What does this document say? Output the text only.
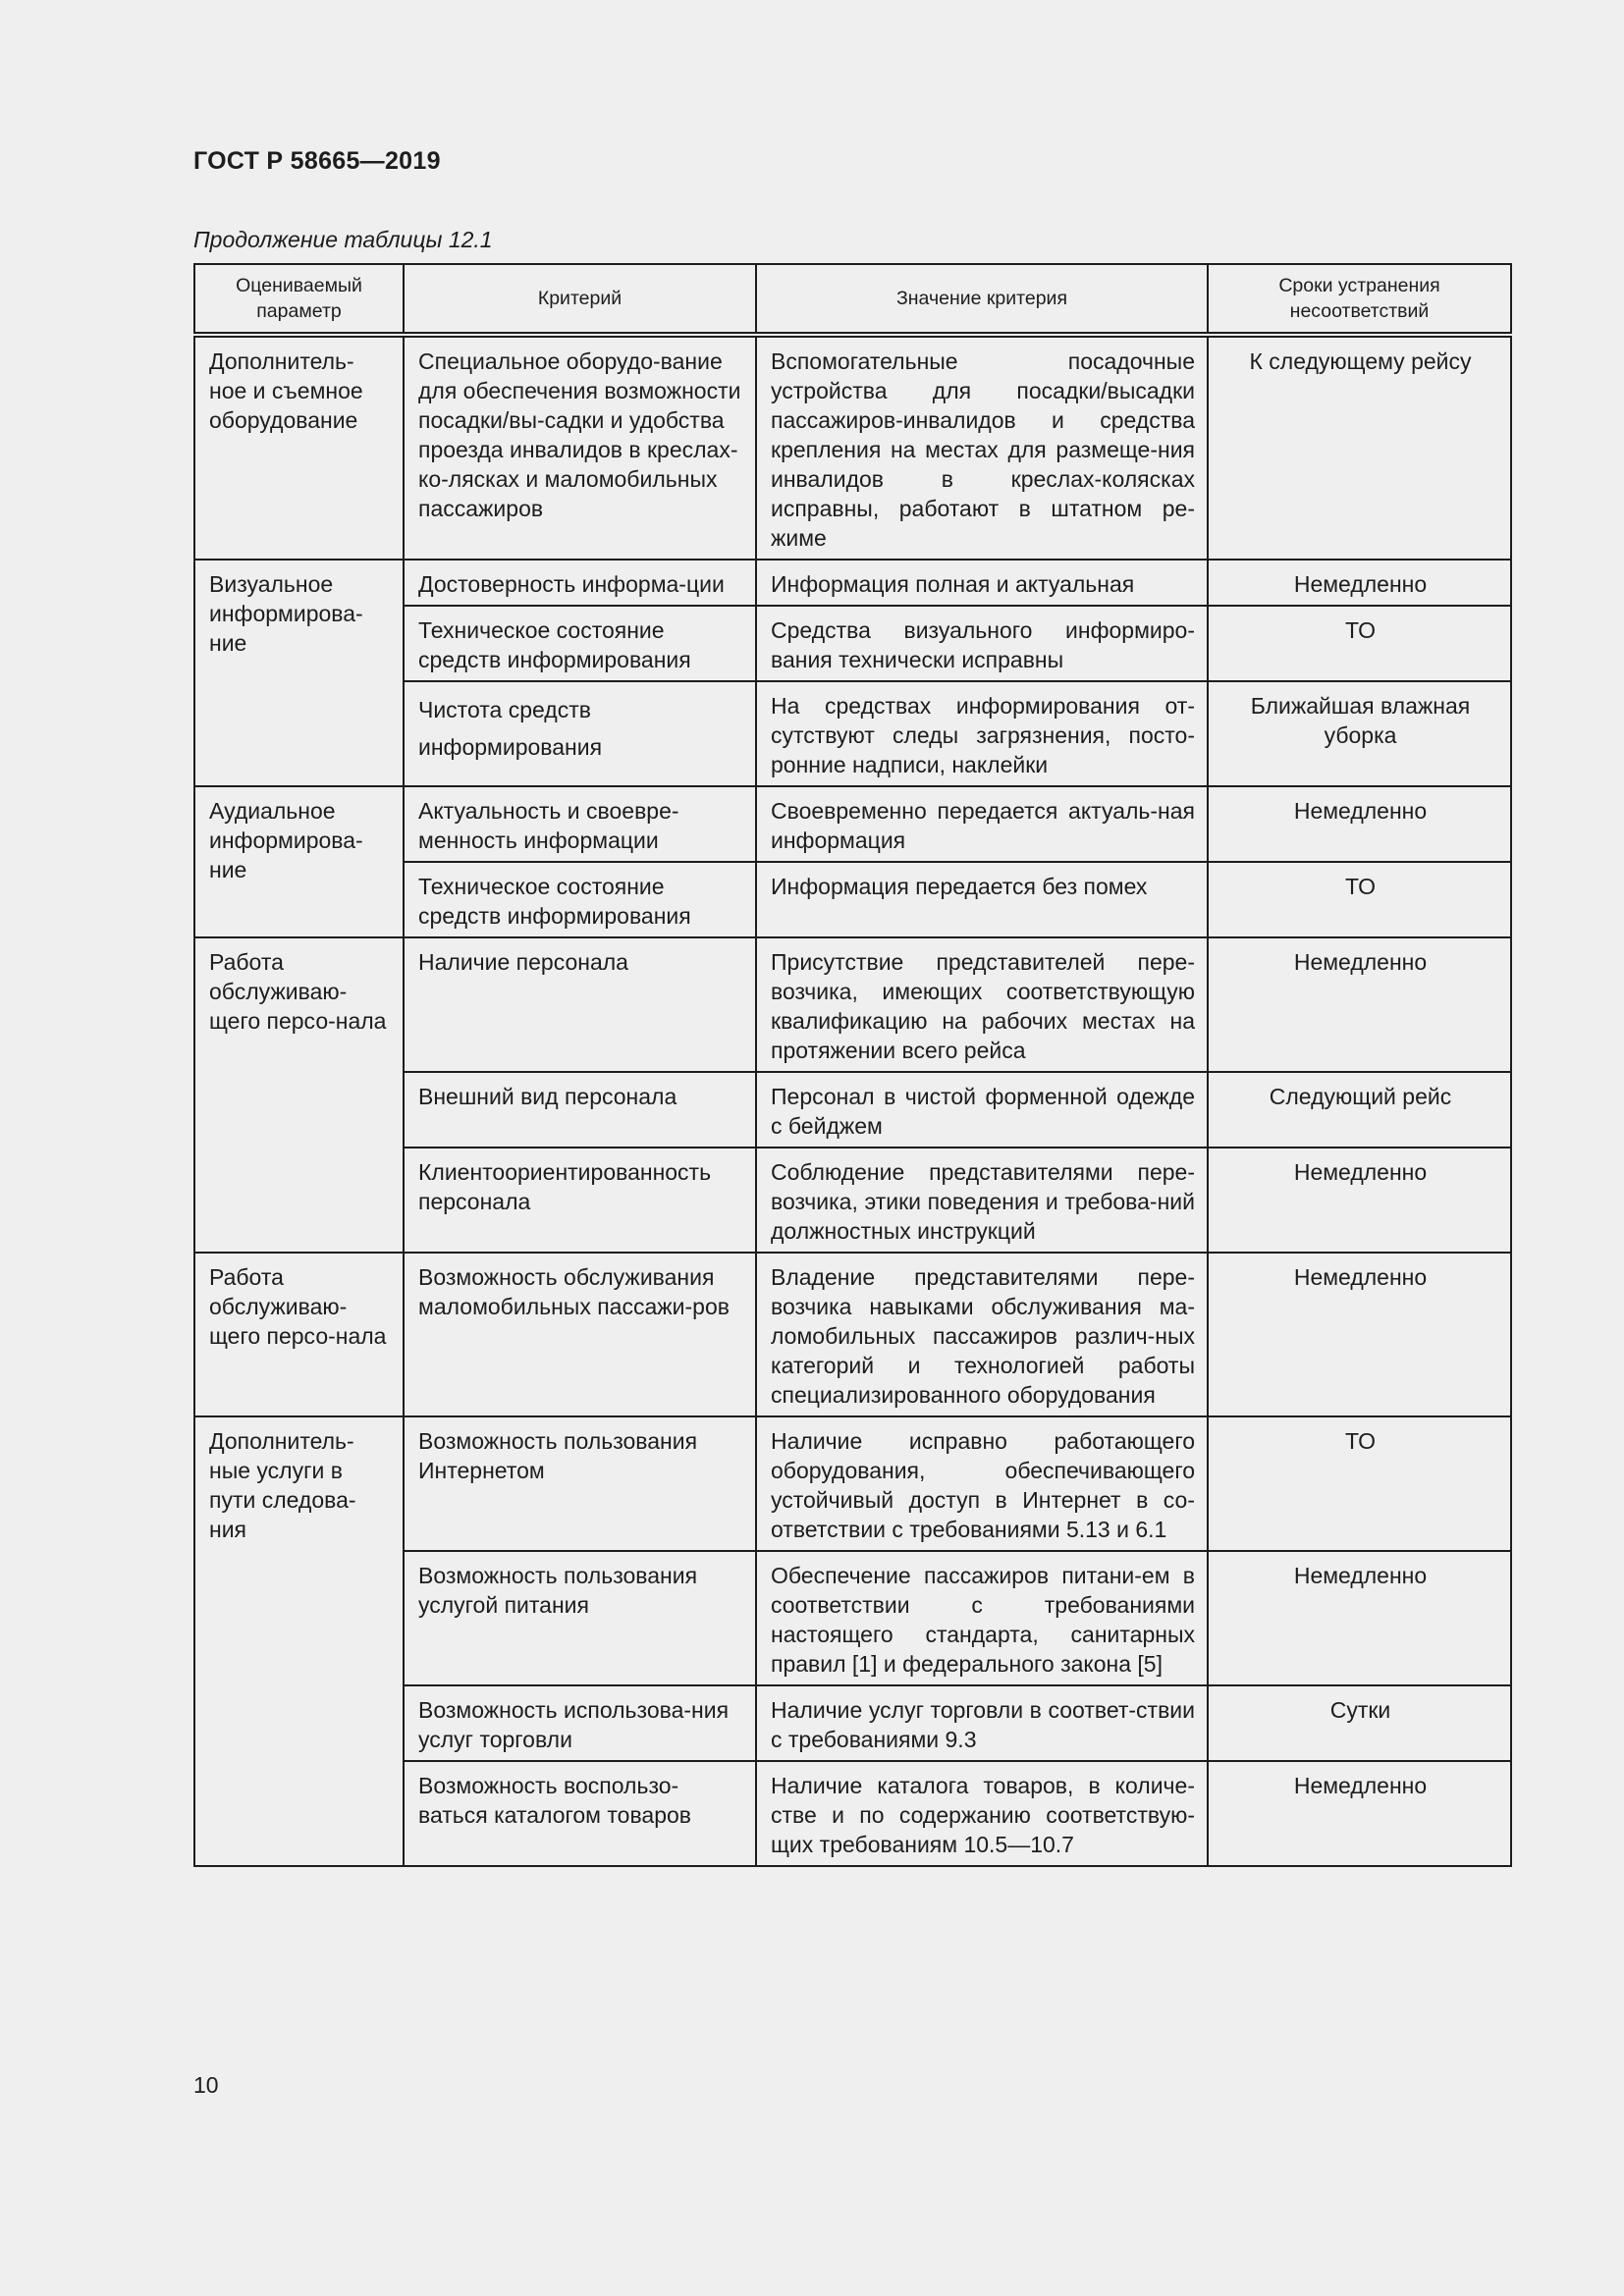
ГОСТ Р 58665—2019
Продолжение таблицы 12.1
Оцениваемый параметр	Критерий	Значение критерия	Сроки устранения несоответствий
Дополнитель-ное и съемное оборудование	Специальное оборудо-вание для обеспечения возможности посадки/вы-садки и удобства проезда инвалидов в креслах-ко-лясках и маломобильных пассажиров	Вспомогательные посадочные устройства для посадки/высадки пассажиров-инвалидов и средства крепления на местах для размеще-ния инвалидов в креслах-колясках исправны, работают в штатном ре-жиме	К следующему рейсу
Визуальное информирова-ние	Достоверность информа-ции	Информация полная и актуальная	Немедленно
	Техническое состояние средств информирования	Средства визуального информиро-вания технически исправны	ТО
	Чистота средств информирования	На средствах информирования от-сутствуют следы загрязнения, посто-ронние надписи, наклейки	Ближайшая влажная уборка
Аудиальное информирова-ние	Актуальность и своевре-менность информации	Своевременно передается актуаль-ная информация	Немедленно
	Техническое состояние средств информирования	Информация передается без помех	ТО
Работа обслуживаю-щего персо-нала	Наличие персонала	Присутствие представителей пере-возчика, имеющих соответствующую квалификацию на рабочих местах на протяжении всего рейса	Немедленно
	Внешний вид персонала	Персонал в чистой форменной одежде с бейджем	Следующий рейс
	Клиентоориентированность персонала	Соблюдение представителями пере-возчика, этики поведения и требова-ний должностных инструкций	Немедленно
Работа обслуживаю-щего персо-нала	Возможность обслуживания маломобильных пассажи-ров	Владение представителями пере-возчика навыками обслуживания ма-ломобильных пассажиров различ-ных категорий и технологией работы специализированного оборудования	Немедленно
Дополнитель-ные услуги в пути следова-ния	Возможность пользования Интернетом	Наличие исправно работающего оборудования, обеспечивающего устойчивый доступ в Интернет в со-ответствии с требованиями 5.13 и 6.1	ТО
	Возможность пользования услугой питания	Обеспечение пассажиров питани-ем в соответствии с требованиями настоящего стандарта, санитарных правил [1] и федерального закона [5]	Немедленно
	Возможность использова-ния услуг торговли	Наличие услуг торговли в соответ-ствии с требованиями 9.3	Сутки
	Возможность воспользо-ваться каталогом товаров	Наличие каталога товаров, в количе-стве и по содержанию соответствую-щих требованиям 10.5—10.7	Немедленно
10
